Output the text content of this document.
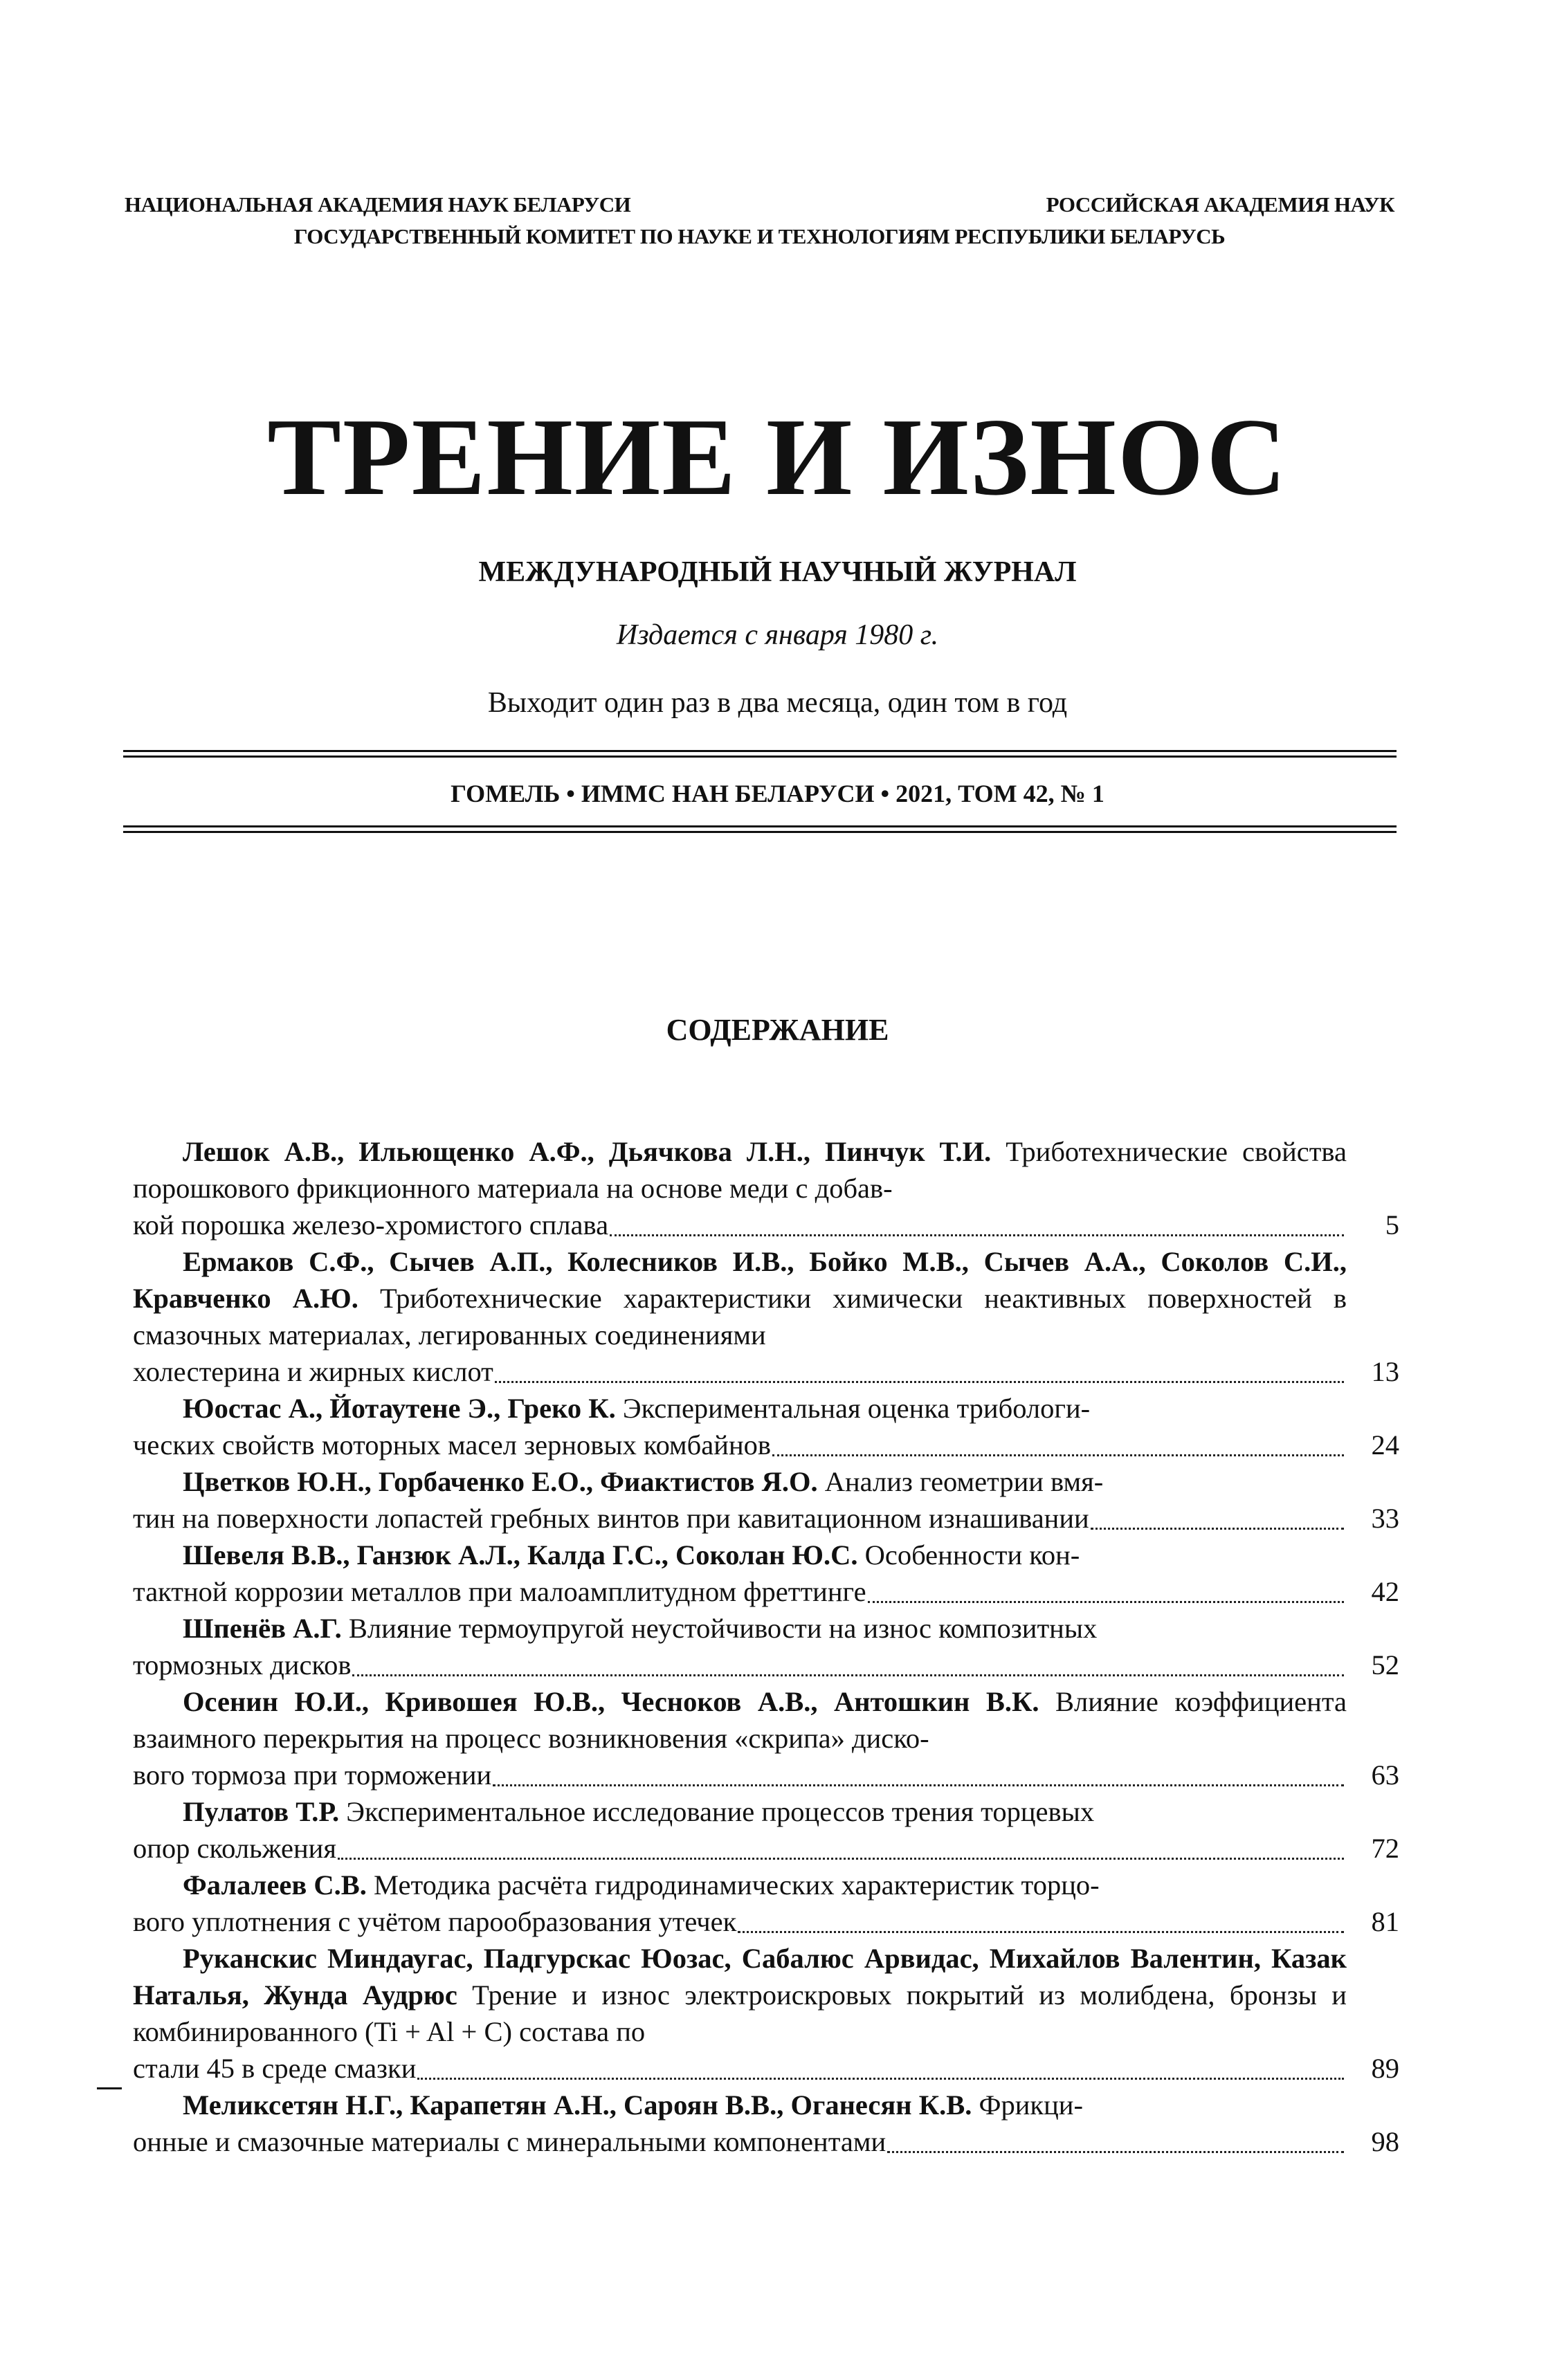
НАЦИОНАЛЬНАЯ АКАДЕМИЯ НАУК БЕЛАРУСИ	РОССИЙСКАЯ АКАДЕМИЯ НАУК
ГОСУДАРСТВЕННЫЙ КОМИТЕТ ПО НАУКЕ И ТЕХНОЛОГИЯМ РЕСПУБЛИКИ БЕЛАРУСЬ
ТРЕНИЕ И ИЗНОС
МЕЖДУНАРОДНЫЙ НАУЧНЫЙ ЖУРНАЛ
Издается с января 1980 г.
Выходит один раз в два месяца, один том в год
ГОМЕЛЬ • ИММС НАН БЕЛАРУСИ • 2021, ТОМ 42, № 1
СОДЕРЖАНИЕ
Лешок А.В., Ильющенко А.Ф., Дьячкова Л.Н., Пинчук Т.И. Триботехнические свойства порошкового фрикционного материала на основе меди с добав-
кой порошка железо-хромистого сплава	5
Ермаков С.Ф., Сычев А.П., Колесников И.В., Бойко М.В., Сычев А.А., Соколов С.И., Кравченко А.Ю. Триботехнические характеристики химически неактивных поверхностей в смазочных материалах, легированных соединениями
холестерина и жирных кислот	13
Юостас А., Йотаутене Э., Греко К. Экспериментальная оценка трибологи-
ческих свойств моторных масел зерновых комбайнов	24
Цветков Ю.Н., Горбаченко Е.О., Фиактистов Я.О. Анализ геометрии вмя-
тин на поверхности лопастей гребных винтов при кавитационном изнашивании	33
Шевеля В.В., Ганзюк А.Л., Калда Г.С., Соколан Ю.С. Особенности кон-
тактной коррозии металлов при малоамплитудном фреттинге	42
Шпенёв А.Г. Влияние термоупругой неустойчивости на износ композитных
тормозных дисков	52
Осенин Ю.И., Кривошея Ю.В., Чесноков А.В., Антошкин В.К. Влияние коэффициента взаимного перекрытия на процесс возникновения «скрипа» диско-
вого тормоза при торможении	63
Пулатов Т.Р. Экспериментальное исследование процессов трения торцевых
опор скольжения	72
Фалалеев С.В. Методика расчёта гидродинамических характеристик торцо-
вого уплотнения с учётом парообразования утечек	81
Руканскис Миндаугас, Падгурскас Юозас, Сабалюс Арвидас, Михайлов Валентин, Казак Наталья, Жунда Аудрюс Трение и износ электроискровых покрытий из молибдена, бронзы и комбинированного (Ti + Al + C) состава по
стали 45 в среде смазки	89
Меликсетян Н.Г., Карапетян А.Н., Сароян В.В., Оганесян К.В. Фрикци-
онные и смазочные материалы с минеральными компонентами	98
